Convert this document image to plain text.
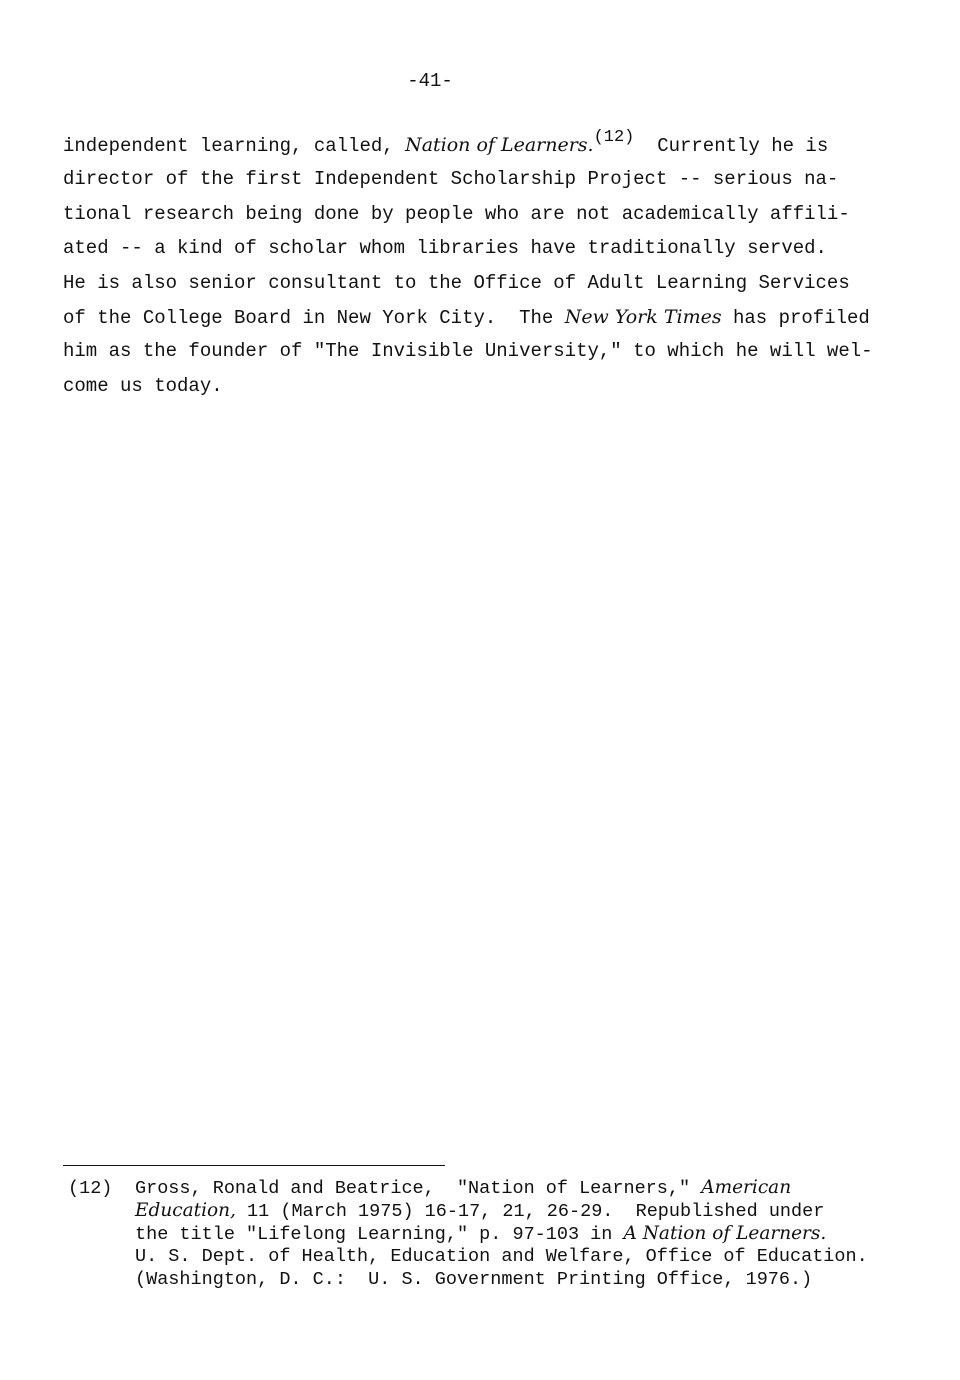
-41-
independent learning, called, Nation of Learners.(12)  Currently he is
director of the first Independent Scholarship Project -- serious na-
tional research being done by people who are not academically affili-
ated -- a kind of scholar whom libraries have traditionally served.
He is also senior consultant to the Office of Adult Learning Services
of the College Board in New York City.  The New York Times has profiled
him as the founder of "The Invisible University," to which he will wel-
come us today.
(12) Gross, Ronald and Beatrice,  "Nation of Learners," American
Education, 11 (March 1975) 16-17, 21, 26-29.  Republished under
the title "Lifelong Learning," p. 97-103 in A Nation of Learners.
U. S. Dept. of Health, Education and Welfare, Office of Education.
(Washington, D. C.:  U. S. Government Printing Office, 1976.)
